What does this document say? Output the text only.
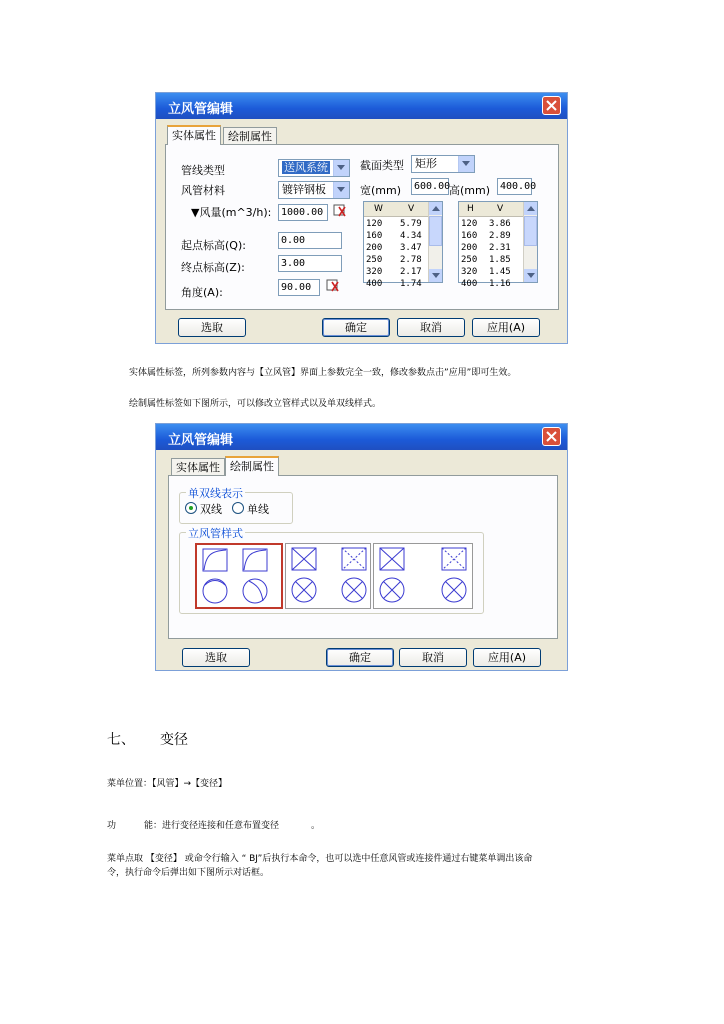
立风管编辑
实体属性	绘制属性
管线类型	送风系统
风管材料	镀锌钢板
▼风量(m^3/h): 1000.00
起点标高(Q):	0.00
终点标高(Z):	3.00
角度(A):	90.00
截面类型	矩形
宽(mm)	600.00
高(mm) 400.00
W	V
120 5.79
160 4.34
200 3.47
250 2.78
320 2.17
400 1.74
H	V
120 3.86
160 2.89
200 2.31
250 1.85
320 1.45
400 1.16
选取	确定	取消	应用(A)
实体属性标签，所列参数内容与【立风管】界面上参数完全一致，修改参数点击”应用”即可生效。
绘制属性标签如下图所示，可以修改立管样式以及单双线样式。
立风管编辑
实体属性 绘制属性
单双线表示
双线 单线
立风管样式
选取	确定	取消	应用(A)
七、 变径
菜单位置：【风管】→【变径】
功	能：进行变径连接和任意布置变径	。
菜单点取 【变径】 或命令行输入 “ BJ”后执行本命令，也可以选中任意风管或连接件通过右键菜单调出该命
令，执行命令后弹出如下图所示对话框。
